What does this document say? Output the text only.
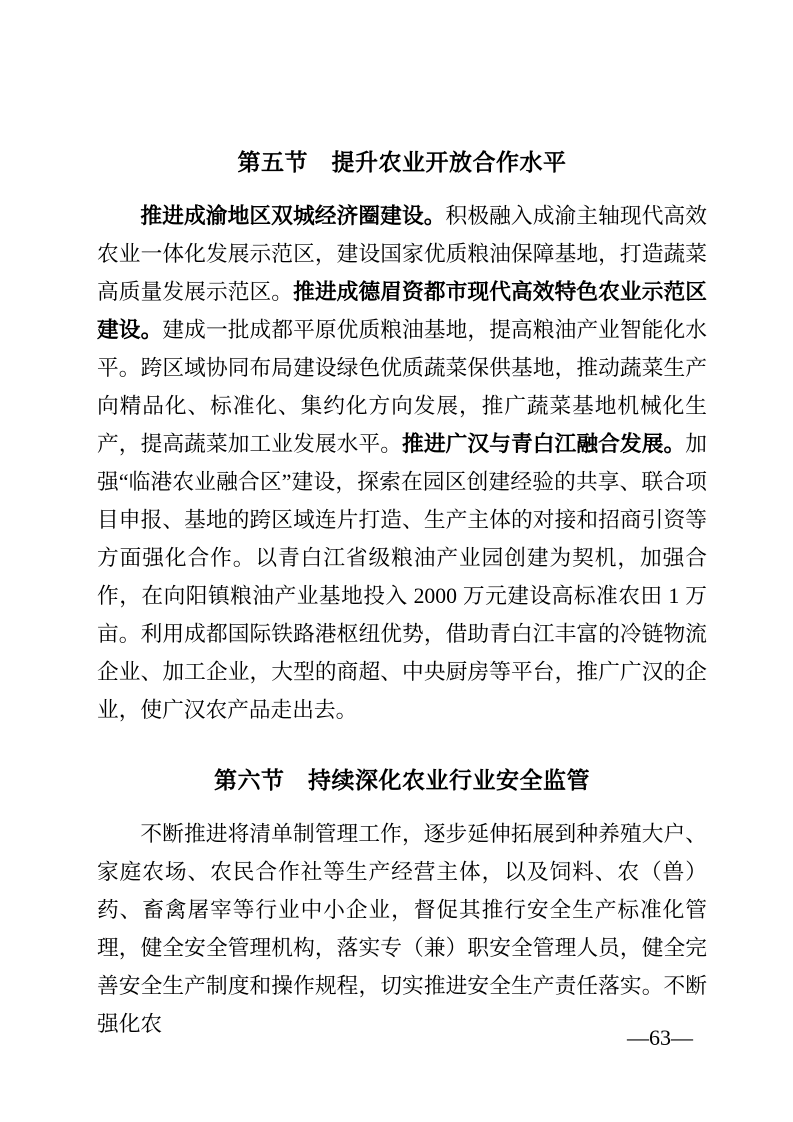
第五节　提升农业开放合作水平

推进成渝地区双城经济圈建设。积极融入成渝主轴现代高效农业一体化发展示范区，建设国家优质粮油保障基地，打造蔬菜高质量发展示范区。推进成德眉资都市现代高效特色农业示范区建设。建成一批成都平原优质粮油基地，提高粮油产业智能化水平。跨区域协同布局建设绿色优质蔬菜保供基地，推动蔬菜生产向精品化、标准化、集约化方向发展，推广蔬菜基地机械化生产，提高蔬菜加工业发展水平。推进广汉与青白江融合发展。加强“临港农业融合区”建设，探索在园区创建经验的共享、联合项目申报、基地的跨区域连片打造、生产主体的对接和招商引资等方面强化合作。以青白江省级粮油产业园创建为契机，加强合作，在向阳镇粮油产业基地投入 2000 万元建设高标准农田 1 万亩。利用成都国际铁路港枢纽优势，借助青白江丰富的冷链物流企业、加工企业，大型的商超、中央厨房等平台，推广广汉的企业，使广汉农产品走出去。

第六节　持续深化农业行业安全监管

不断推进将清单制管理工作，逐步延伸拓展到种养殖大户、家庭农场、农民合作社等生产经营主体，以及饲料、农（兽）药、畜禽屠宰等行业中小企业，督促其推行安全生产标准化管理，健全安全管理机构，落实专（兼）职安全管理人员，健全完善安全生产制度和操作规程，切实推进安全生产责任落实。不断强化农

—63—
